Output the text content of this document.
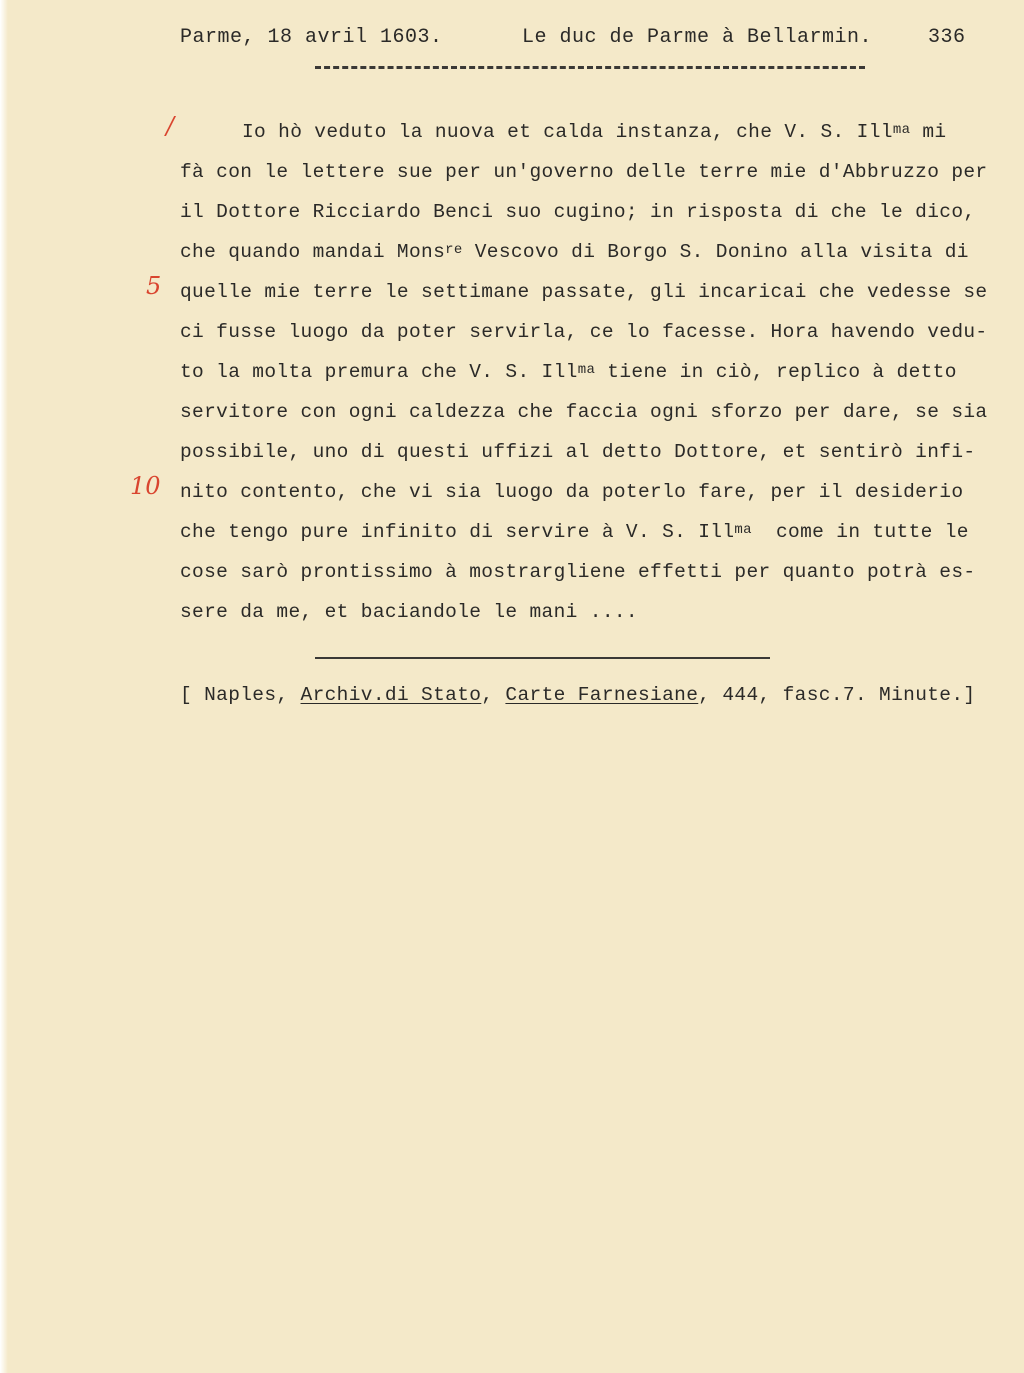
Parme, 18 avril 1603.	Le duc de Parme à Bellarmin.	336
/
5
10
Io hò veduto la nuova et calda instanza, che V. S. Ill$^{ma}$ mi
fà con le lettere sue per un'governo delle terre mie d'Abbruzzo per
il Dottore Ricciardo Benci suo cugino; in risposta di che le dico,
che quando mandai Mons$^{re}$ Vescovo di Borgo S. Donino alla visita di
quelle mie terre le settimane passate, gli incaricai che vedesse se
ci fusse luogo da poter servirla, ce lo facesse. Hora havendo vedu-
to la molta premura che V. S. Ill$^{ma}$ tiene in ciò, replico à detto
servitore con ogni caldezza che faccia ogni sforzo per dare, se sia
possibile, uno di questi uffizi al detto Dottore, et sentirò infi-
nito contento, che vi sia luogo da poterlo fare, per il desiderio
che tengo pure infinito di servire à V. S. Ill$^{ma}$  come in tutte le
cose sarò prontissimo à mostrargliene effetti per quanto potrà es-
sere da me, et baciandole le mani ....
[ Naples, Archiv.di Stato, Carte Farnesiane, 444, fasc.7. Minute.]
